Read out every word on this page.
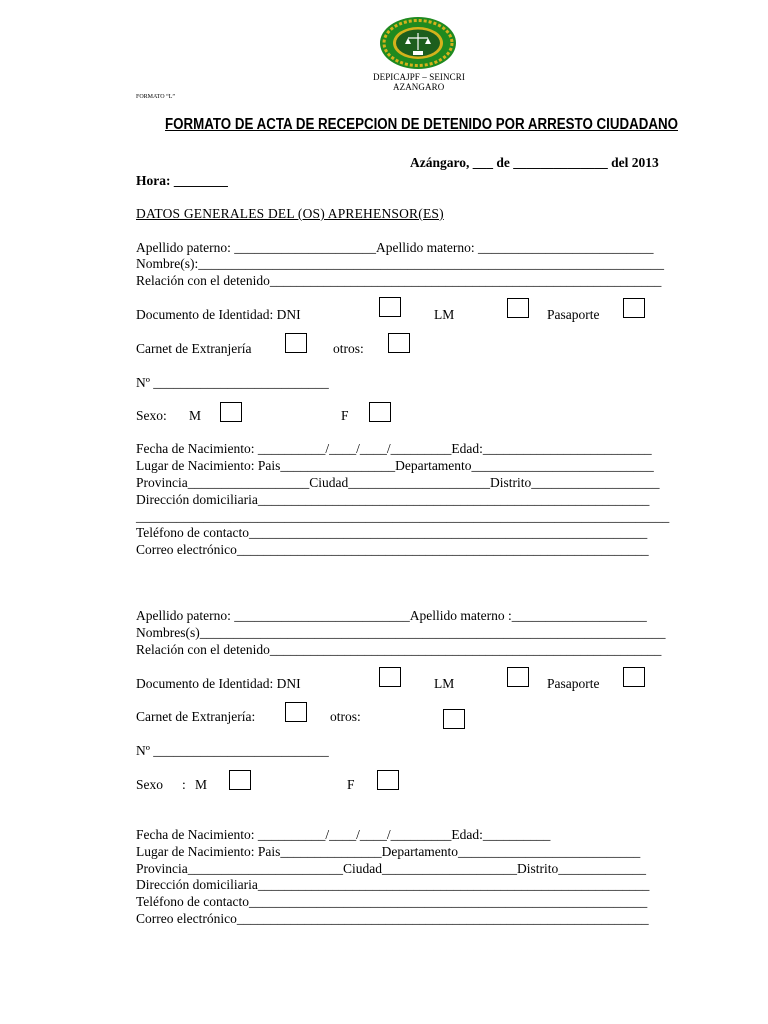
DEPICAJPF – SEINCRI
AZANGARO
FORMATO “L”
FORMATO DE ACTA DE RECEPCION DE DETENIDO POR ARRESTO CIUDADANO
Azángaro, ___ de ______________ del 2013
Hora: ________
DATOS GENERALES DEL (OS) APREHENSOR(ES)
Apellido paterno: _____________________Apellido materno: __________________________
Nombre(s):_____________________________________________________________________
Relación con el detenido__________________________________________________________
Documento de Identidad: DNI	LM	Pasaporte
Carnet de Extranjería	otros:
Nº __________________________
Sexo: M	F
Fecha de Nacimiento: __________/____/____/_________Edad:_________________________
Lugar de Nacimiento: Pais_________________Departamento___________________________
Provincia__________________Ciudad_____________________Distrito___________________
Dirección domiciliaria__________________________________________________________
_______________________________________________________________________________
Teléfono de contacto___________________________________________________________
Correo electrónico_____________________________________________________________
Apellido paterno: __________________________Apellido materno :____________________
Nombres(s)_____________________________________________________________________
Relación con el detenido__________________________________________________________
Documento de Identidad: DNI	LM	Pasaporte
Carnet de Extranjería:	otros:
Nº __________________________
Sexo : M	F
Fecha de Nacimiento: __________/____/____/_________Edad:__________
Lugar de Nacimiento: Pais_______________Departamento___________________________
Provincia_______________________Ciudad____________________Distrito_____________
Dirección domiciliaria__________________________________________________________
Teléfono de contacto___________________________________________________________
Correo electrónico_____________________________________________________________
